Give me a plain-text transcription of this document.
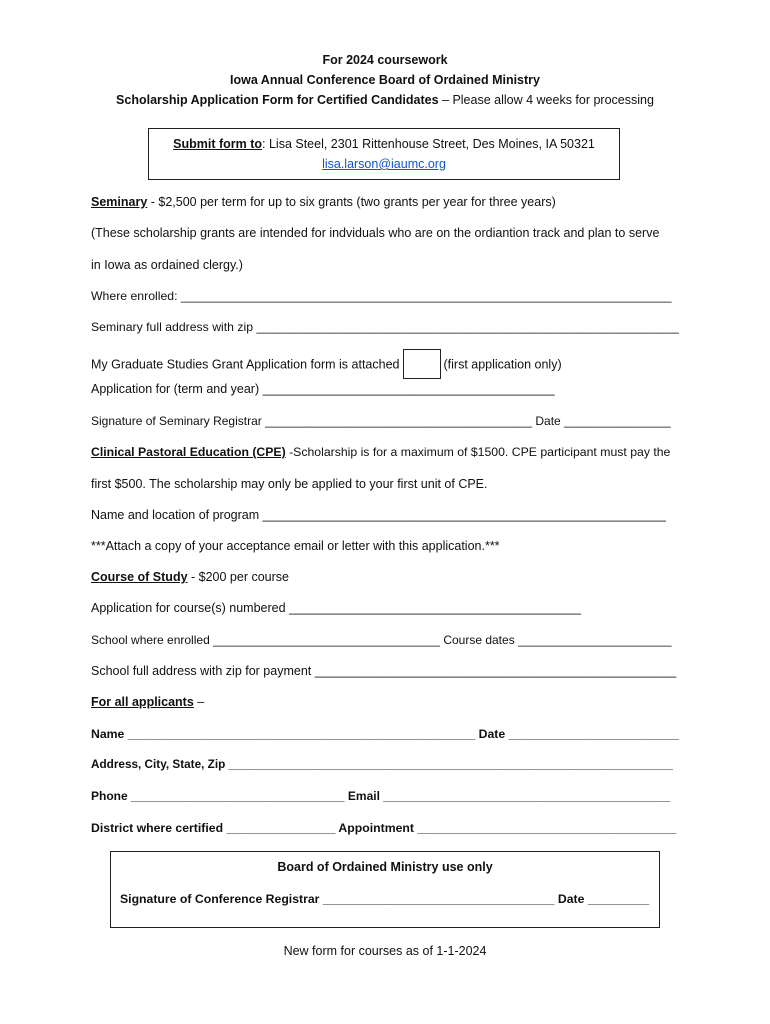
For 2024 coursework
Iowa Annual Conference Board of Ordained Ministry
Scholarship Application Form for Certified Candidates – Please allow 4 weeks for processing
Submit form to: Lisa Steel, 2301 Rittenhouse Street, Des Moines, IA 50321
lisa.larson@iaumc.org
Seminary - $2,500 per term for up to six grants (two grants per year for three years)
(These scholarship grants are intended for indviduals who are on the ordiantion track and plan to serve
in Iowa as ordained clergy.)
Where enrolled: ________________________________________________________________________
Seminary full address with zip ______________________________________________________________
My Graduate Studies Grant Application form is attached	(first application only)
Application for (term and year) __________________________________________
Signature of Seminary Registrar ________________________________________ Date ________________
Clinical Pastoral Education (CPE) -Scholarship is for a maximum of $1500. CPE participant must pay the
first $500. The scholarship may only be applied to your first unit of CPE.
Name and location of program __________________________________________________________
***Attach a copy of your acceptance email or letter with this application.***
Course of Study - $200 per course
Application for course(s) numbered __________________________________________
School where enrolled __________________________________ Course dates _______________________
School full address with zip for payment ____________________________________________________
For all applicants –
Name ___________________________________________________ Date _________________________
Address, City, State, Zip ____________________________________________________________________
Phone ________________________________ Email ___________________________________________
District where certified ________________ Appointment ______________________________________
Board of Ordained Ministry use only
Signature of Conference Registrar __________________________________ Date _________
New form for courses as of 1-1-2024
